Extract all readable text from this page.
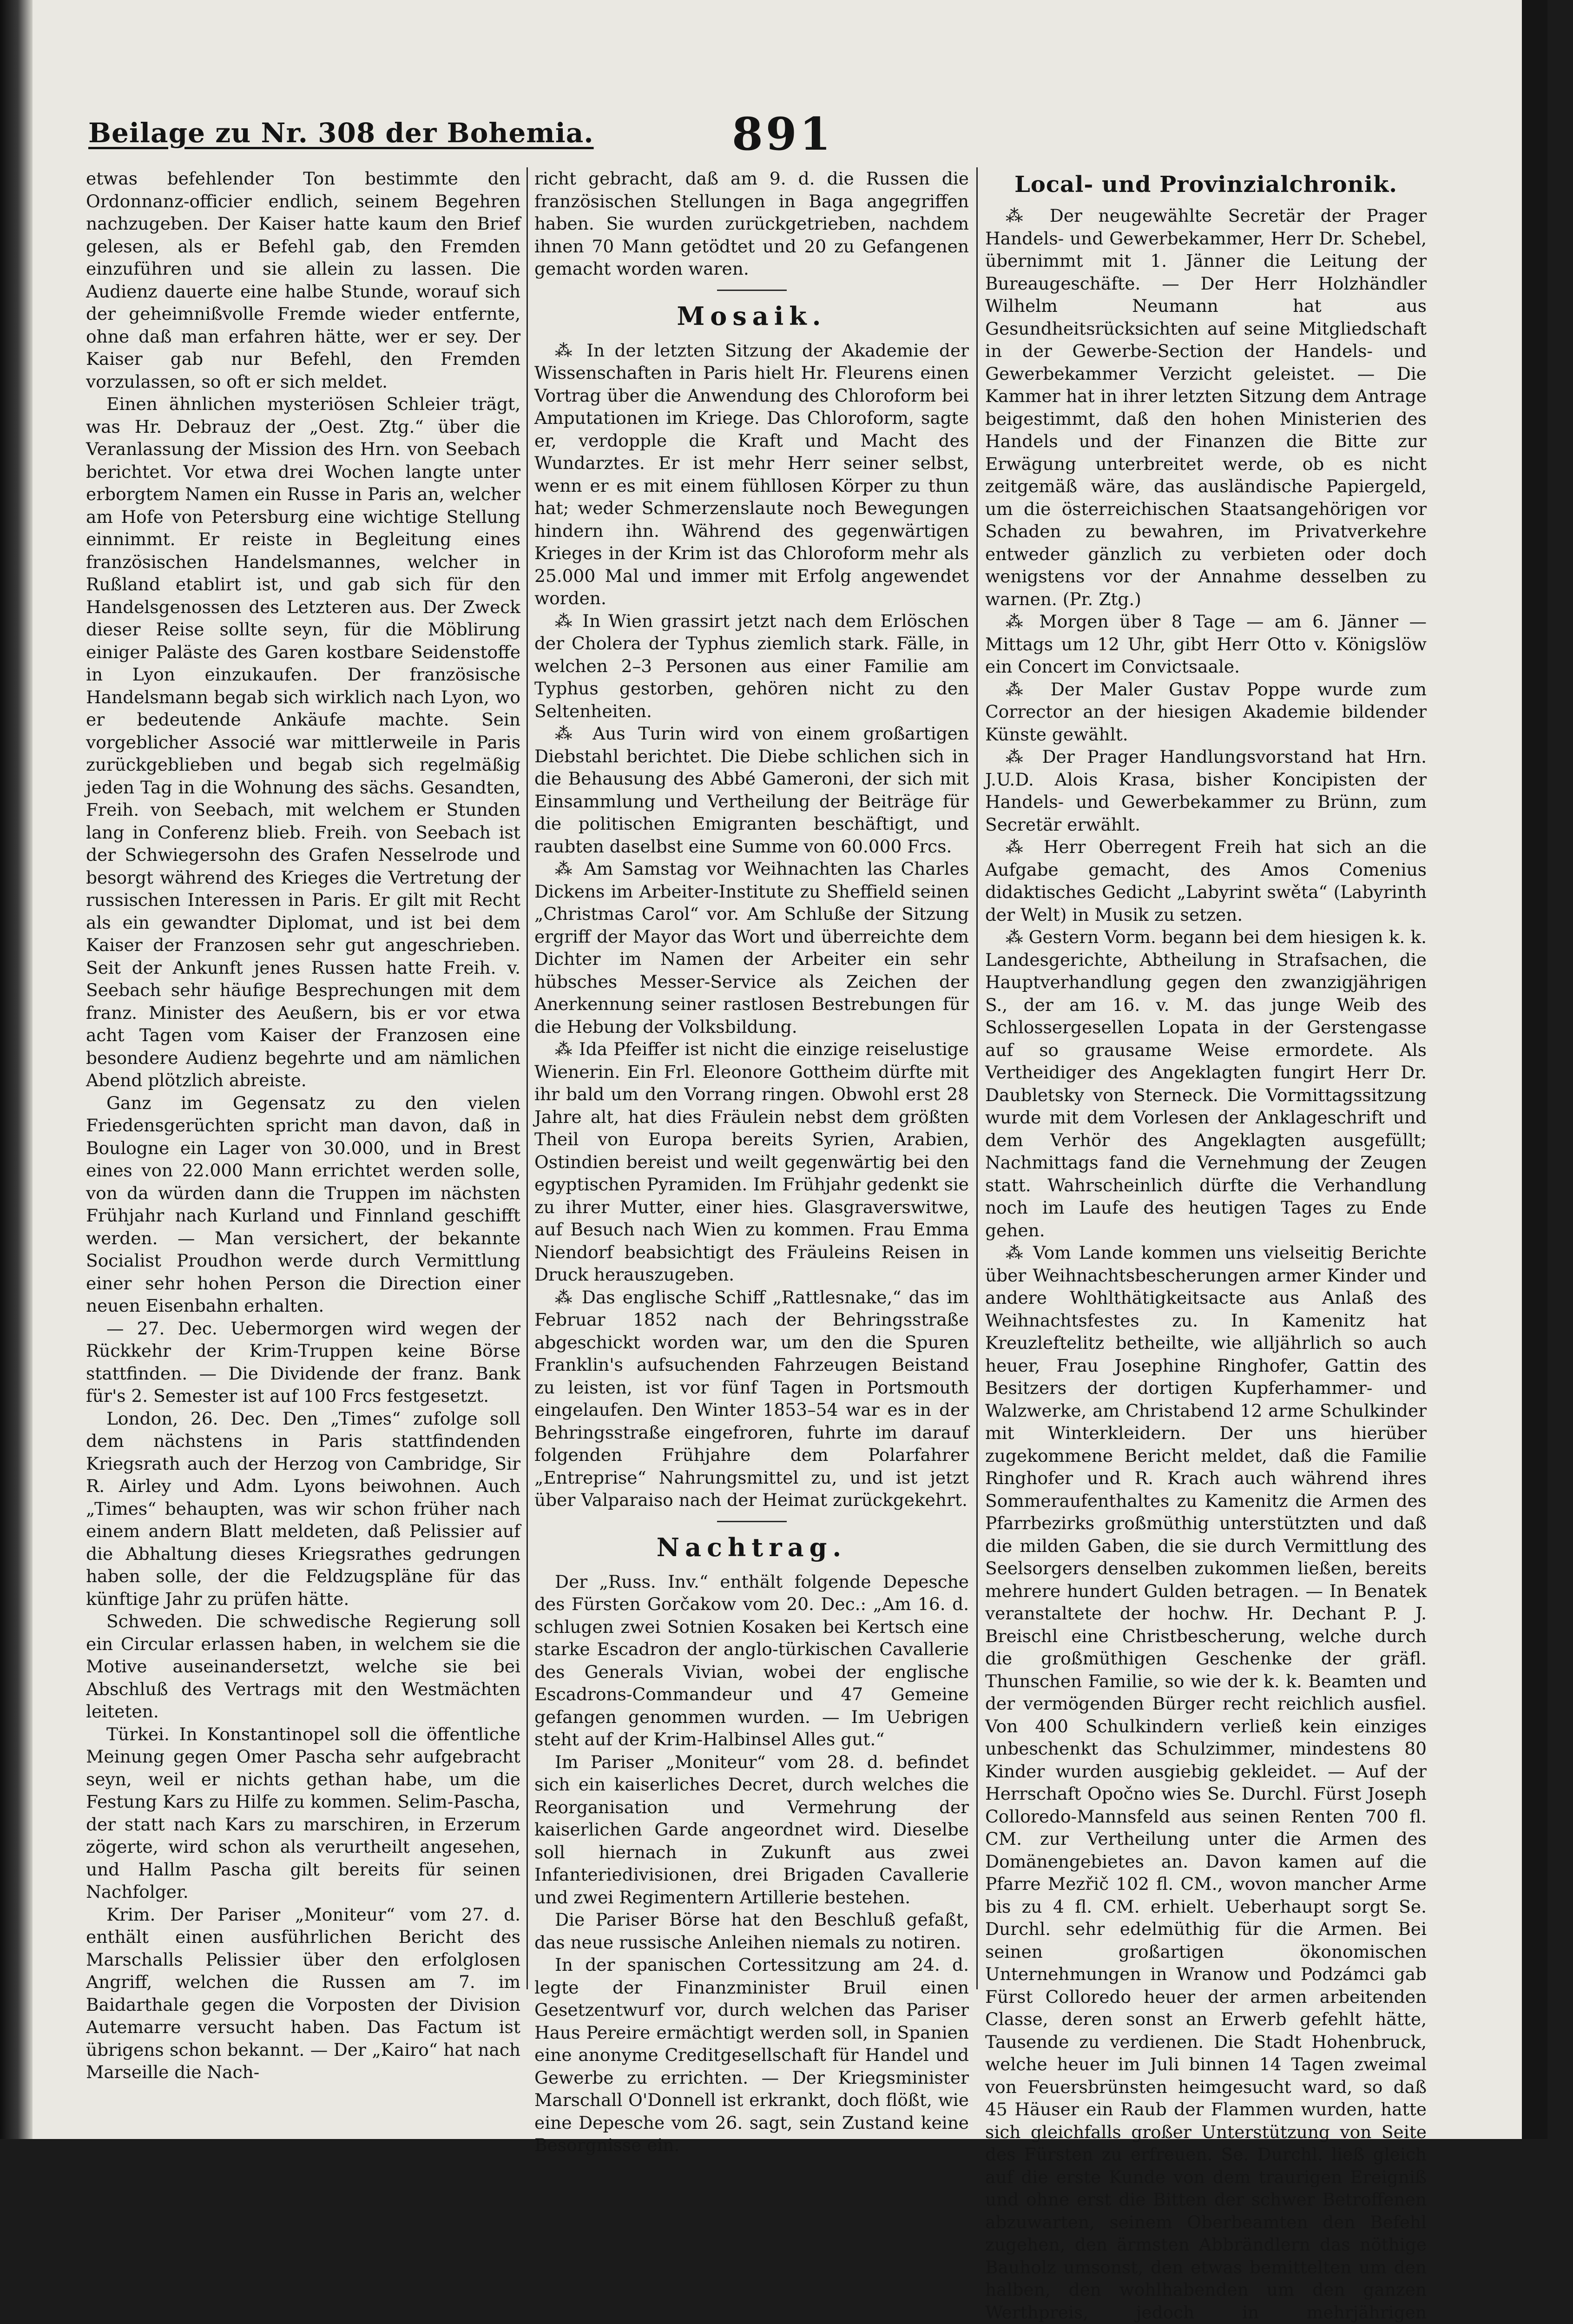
Beilage zu Nr. 308 der Bohemia.	891

etwas befehlender Ton bestimmte den Ordonnanz-officier endlich, seinem Begehren nachzugeben. Der Kaiser hatte kaum den Brief gelesen, als er Befehl gab, den Fremden einzuführen und sie allein zu lassen. Die Audienz dauerte eine halbe Stunde, worauf sich der geheimnißvolle Fremde wieder entfernte, ohne daß man erfahren hätte, wer er sey. Der Kaiser gab nur Befehl, den Fremden vorzulassen, so oft er sich meldet.

Einen ähnlichen mysteriösen Schleier trägt, was Hr. Debrauz der „Oest. Ztg.“ über die Veranlassung der Mission des Hrn. von Seebach berichtet. Vor etwa drei Wochen langte unter erborgtem Namen ein Russe in Paris an, welcher am Hofe von Petersburg eine wichtige Stellung einnimmt. Er reiste in Begleitung eines französischen Handelsmannes, welcher in Rußland etablirt ist, und gab sich für den Handelsgenossen des Letzteren aus. Der Zweck dieser Reise sollte seyn, für die Möblirung einiger Paläste des Garen kostbare Seidenstoffe in Lyon einzukaufen. Der französische Handelsmann begab sich wirklich nach Lyon, wo er bedeutende Ankäufe machte. Sein vorgeblicher Associé war mittlerweile in Paris zurückgeblieben und begab sich regelmäßig jeden Tag in die Wohnung des sächs. Gesandten, Freih. von Seebach, mit welchem er Stunden lang in Conferenz blieb. Freih. von Seebach ist der Schwiegersohn des Grafen Nesselrode und besorgt während des Krieges die Vertretung der russischen Interessen in Paris. Er gilt mit Recht als ein gewandter Diplomat, und ist bei dem Kaiser der Franzosen sehr gut angeschrieben. Seit der Ankunft jenes Russen hatte Freih. v. Seebach sehr häufige Besprechungen mit dem franz. Minister des Aeußern, bis er vor etwa acht Tagen vom Kaiser der Franzosen eine besondere Audienz begehrte und am nämlichen Abend plötzlich abreiste.

Ganz im Gegensatz zu den vielen Friedensgerüchten spricht man davon, daß in Boulogne ein Lager von 30.000, und in Brest eines von 22.000 Mann errichtet werden solle, von da würden dann die Truppen im nächsten Frühjahr nach Kurland und Finnland geschifft werden. — Man versichert, der bekannte Socialist Proudhon werde durch Vermittlung einer sehr hohen Person die Direction einer neuen Eisenbahn erhalten.

— 27. Dec. Uebermorgen wird wegen der Rückkehr der Krim-Truppen keine Börse stattfinden. — Die Dividende der franz. Bank für's 2. Semester ist auf 100 Frcs festgesetzt.

London, 26. Dec. Den „Times“ zufolge soll dem nächstens in Paris stattfindenden Kriegsrath auch der Herzog von Cambridge, Sir R. Airley und Adm. Lyons beiwohnen. Auch „Times“ behaupten, was wir schon früher nach einem andern Blatt meldeten, daß Pelissier auf die Abhaltung dieses Kriegsrathes gedrungen haben solle, der die Feldzugspläne für das künftige Jahr zu prüfen hätte.

Schweden. Die schwedische Regierung soll ein Circular erlassen haben, in welchem sie die Motive auseinandersetzt, welche sie bei Abschluß des Vertrags mit den Westmächten leiteten.

Türkei. In Konstantinopel soll die öffentliche Meinung gegen Omer Pascha sehr aufgebracht seyn, weil er nichts gethan habe, um die Festung Kars zu Hilfe zu kommen. Selim-Pascha, der statt nach Kars zu marschiren, in Erzerum zögerte, wird schon als verurtheilt angesehen, und Hallm Pascha gilt bereits für seinen Nachfolger.

Krim. Der Pariser „Moniteur“ vom 27. d. enthält einen ausführlichen Bericht des Marschalls Pelissier über den erfolglosen Angriff, welchen die Russen am 7. im Baidarthale gegen die Vorposten der Division Autemarre versucht haben. Das Factum ist übrigens schon bekannt. — Der „Kairo“ hat nach Marseille die Nach-

richt gebracht, daß am 9. d. die Russen die französischen Stellungen in Baga angegriffen haben. Sie wurden zurückgetrieben, nachdem ihnen 70 Mann getödtet und 20 zu Gefangenen gemacht worden waren.

Mosaik.

⁂ In der letzten Sitzung der Akademie der Wissenschaften in Paris hielt Hr. Fleurens einen Vortrag über die Anwendung des Chloroform bei Amputationen im Kriege. Das Chloroform, sagte er, verdopple die Kraft und Macht des Wundarztes. Er ist mehr Herr seiner selbst, wenn er es mit einem fühllosen Körper zu thun hat; weder Schmerzenslaute noch Bewegungen hindern ihn. Während des gegenwärtigen Krieges in der Krim ist das Chloroform mehr als 25.000 Mal und immer mit Erfolg angewendet worden.

⁂ In Wien grassirt jetzt nach dem Erlöschen der Cholera der Typhus ziemlich stark. Fälle, in welchen 2–3 Personen aus einer Familie am Typhus gestorben, gehören nicht zu den Seltenheiten.

⁂ Aus Turin wird von einem großartigen Diebstahl berichtet. Die Diebe schlichen sich in die Behausung des Abbé Gameroni, der sich mit Einsammlung und Vertheilung der Beiträge für die politischen Emigranten beschäftigt, und raubten daselbst eine Summe von 60.000 Frcs.

⁂ Am Samstag vor Weihnachten las Charles Dickens im Arbeiter-Institute zu Sheffield seinen „Christmas Carol“ vor. Am Schluße der Sitzung ergriff der Mayor das Wort und überreichte dem Dichter im Namen der Arbeiter ein sehr hübsches Messer-Service als Zeichen der Anerkennung seiner rastlosen Bestrebungen für die Hebung der Volksbildung.

⁂ Ida Pfeiffer ist nicht die einzige reiselustige Wienerin. Ein Frl. Eleonore Gottheim dürfte mit ihr bald um den Vorrang ringen. Obwohl erst 28 Jahre alt, hat dies Fräulein nebst dem größten Theil von Europa bereits Syrien, Arabien, Ostindien bereist und weilt gegenwärtig bei den egyptischen Pyramiden. Im Frühjahr gedenkt sie zu ihrer Mutter, einer hies. Glasgraverswitwe, auf Besuch nach Wien zu kommen. Frau Emma Niendorf beabsichtigt des Fräuleins Reisen in Druck herauszugeben.

⁂ Das englische Schiff „Rattlesnake,“ das im Februar 1852 nach der Behringsstraße abgeschickt worden war, um den die Spuren Franklin's aufsuchenden Fahrzeugen Beistand zu leisten, ist vor fünf Tagen in Portsmouth eingelaufen. Den Winter 1853–54 war es in der Behringsstraße eingefroren, fuhrte im darauf folgenden Frühjahre dem Polarfahrer „Entreprise“ Nahrungsmittel zu, und ist jetzt über Valparaiso nach der Heimat zurückgekehrt.

Nachtrag.

Der „Russ. Inv.“ enthält folgende Depesche des Fürsten Gorčakow vom 20. Dec.: „Am 16. d. schlugen zwei Sotnien Kosaken bei Kertsch eine starke Escadron der anglo-türkischen Cavallerie des Generals Vivian, wobei der englische Escadrons-Commandeur und 47 Gemeine gefangen genommen wurden. — Im Uebrigen steht auf der Krim-Halbinsel Alles gut.“

Im Pariser „Moniteur“ vom 28. d. befindet sich ein kaiserliches Decret, durch welches die Reorganisation und Vermehrung der kaiserlichen Garde angeordnet wird. Dieselbe soll hiernach in Zukunft aus zwei Infanteriedivisionen, drei Brigaden Cavallerie und zwei Regimentern Artillerie bestehen.

Die Pariser Börse hat den Beschluß gefaßt, das neue russische Anleihen niemals zu notiren.

In der spanischen Cortessitzung am 24. d. legte der Finanzminister Bruil einen Gesetzentwurf vor, durch welchen das Pariser Haus Pereire ermächtigt werden soll, in Spanien eine anonyme Creditgesellschaft für Handel und Gewerbe zu errichten. — Der Kriegsminister Marschall O'Donnell ist erkrankt, doch flößt, wie eine Depesche vom 26. sagt, sein Zustand keine Besorgnisse ein.

Local- und Provinzialchronik.

⁂ Der neugewählte Secretär der Prager Handels- und Gewerbekammer, Herr Dr. Schebel, übernimmt mit 1. Jänner die Leitung der Bureaugeschäfte. — Der Herr Holzhändler Wilhelm Neumann hat aus Gesundheitsrücksichten auf seine Mitgliedschaft in der Gewerbe-Section der Handels- und Gewerbekammer Verzicht geleistet. — Die Kammer hat in ihrer letzten Sitzung dem Antrage beigestimmt, daß den hohen Ministerien des Handels und der Finanzen die Bitte zur Erwägung unterbreitet werde, ob es nicht zeitgemäß wäre, das ausländische Papiergeld, um die österreichischen Staatsangehörigen vor Schaden zu bewahren, im Privatverkehre entweder gänzlich zu verbieten oder doch wenigstens vor der Annahme desselben zu warnen. (Pr. Ztg.)

⁂ Morgen über 8 Tage — am 6. Jänner — Mittags um 12 Uhr, gibt Herr Otto v. Königslöw ein Concert im Convictsaale.

⁂ Der Maler Gustav Poppe wurde zum Corrector an der hiesigen Akademie bildender Künste gewählt.

⁂ Der Prager Handlungsvorstand hat Hrn. J.U.D. Alois Krasa, bisher Koncipisten der Handels- und Gewerbekammer zu Brünn, zum Secretär erwählt.

⁂ Herr Oberregent Freih hat sich an die Aufgabe gemacht, des Amos Comenius didaktisches Gedicht „Labyrint swěta“ (Labyrinth der Welt) in Musik zu setzen.

⁂ Gestern Vorm. begann bei dem hiesigen k. k. Landesgerichte, Abtheilung in Strafsachen, die Hauptverhandlung gegen den zwanzigjährigen S., der am 16. v. M. das junge Weib des Schlossergesellen Lopata in der Gerstengasse auf so grausame Weise ermordete. Als Vertheidiger des Angeklagten fungirt Herr Dr. Daubletsky von Sterneck. Die Vormittagssitzung wurde mit dem Vorlesen der Anklageschrift und dem Verhör des Angeklagten ausgefüllt; Nachmittags fand die Vernehmung der Zeugen statt. Wahrscheinlich dürfte die Verhandlung noch im Laufe des heutigen Tages zu Ende gehen.

⁂ Vom Lande kommen uns vielseitig Berichte über Weihnachtsbescherungen armer Kinder und andere Wohlthätigkeitsacte aus Anlaß des Weihnachtsfestes zu. In Kamenitz hat Kreuzleftelitz betheilte, wie alljährlich so auch heuer, Frau Josephine Ringhofer, Gattin des Besitzers der dortigen Kupferhammer- und Walzwerke, am Christabend 12 arme Schulkinder mit Winterkleidern. Der uns hierüber zugekommene Bericht meldet, daß die Familie Ringhofer und R. Krach auch während ihres Sommeraufenthaltes zu Kamenitz die Armen des Pfarrbezirks großmüthig unterstützten und daß die milden Gaben, die sie durch Vermittlung des Seelsorgers denselben zukommen ließen, bereits mehrere hundert Gulden betragen. — In Benatek veranstaltete der hochw. Hr. Dechant P. J. Breischl eine Christbescherung, welche durch die großmüthigen Geschenke der gräfl. Thunschen Familie, so wie der k. k. Beamten und der vermögenden Bürger recht reichlich ausfiel. Von 400 Schulkindern verließ kein einziges unbeschenkt das Schulzimmer, mindestens 80 Kinder wurden ausgiebig gekleidet. — Auf der Herrschaft Opočno wies Se. Durchl. Fürst Joseph Colloredo-Mannsfeld aus seinen Renten 700 fl. CM. zur Vertheilung unter die Armen des Domänengebietes an. Davon kamen auf die Pfarre Mezřič 102 fl. CM., wovon mancher Arme bis zu 4 fl. CM. erhielt. Ueberhaupt sorgt Se. Durchl. sehr edelmüthig für die Armen. Bei seinen großartigen ökonomischen Unternehmungen in Wranow und Podzámci gab Fürst Colloredo heuer der armen arbeitenden Classe, deren sonst an Erwerb gefehlt hätte, Tausende zu verdienen. Die Stadt Hohenbruck, welche heuer im Juli binnen 14 Tagen zweimal von Feuersbrünsten heimgesucht ward, so daß 45 Häuser ein Raub der Flammen wurden, hatte sich gleichfalls großer Unterstützung von Seite des Fürsten zu erfreuen. Se. Durchl. ließ gleich auf die erste Kunde von dem traurigen Ereigniß und ohne erst die Bitten der schwer Betroffenen abzuwarten, seinem Oberbeamten den Befehl zugehen, den ärmsten Abbrändlern das nöthige Bauholz umsonst, den etwas bemittelten um den halben, den wohlhabenden um den ganzen Werthpreis, jedoch in mehrjährigen
